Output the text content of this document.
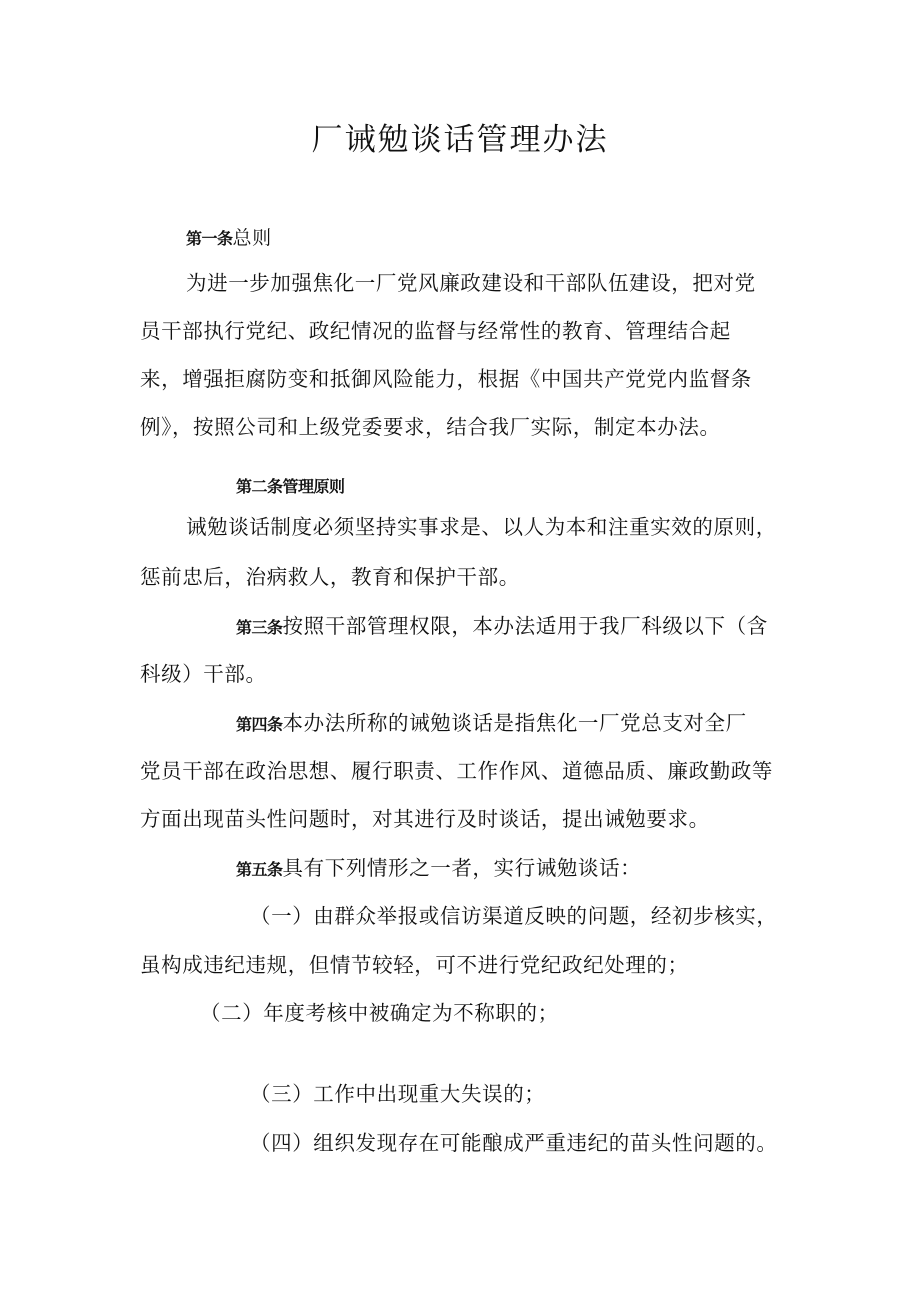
厂诫勉谈话管理办法
第一条总则
为进一步加强焦化一厂党风廉政建设和干部队伍建设，把对党
员干部执行党纪、政纪情况的监督与经常性的教育、管理结合起
来，增强拒腐防变和抵御风险能力，根据《中国共产党党内监督条
例》，按照公司和上级党委要求，结合我厂实际，制定本办法。
第二条管理原则
诫勉谈话制度必须坚持实事求是、以人为本和注重实效的原则，
惩前忠后，治病救人，教育和保护干部。
第三条按照干部管理权限，本办法适用于我厂科级以下（含
科级）干部。
第四条本办法所称的诫勉谈话是指焦化一厂党总支对全厂
党员干部在政治思想、履行职责、工作作风、道德品质、廉政勤政等
方面出现苗头性问题时，对其进行及时谈话，提出诫勉要求。
第五条具有下列情形之一者，实行诫勉谈话：
（一）由群众举报或信访渠道反映的问题，经初步核实，
虽构成违纪违规，但情节较轻，可不进行党纪政纪处理的；
（二）年度考核中被确定为不称职的；
（三）工作中出现重大失误的；
（四）组织发现存在可能酿成严重违纪的苗头性问题的。
